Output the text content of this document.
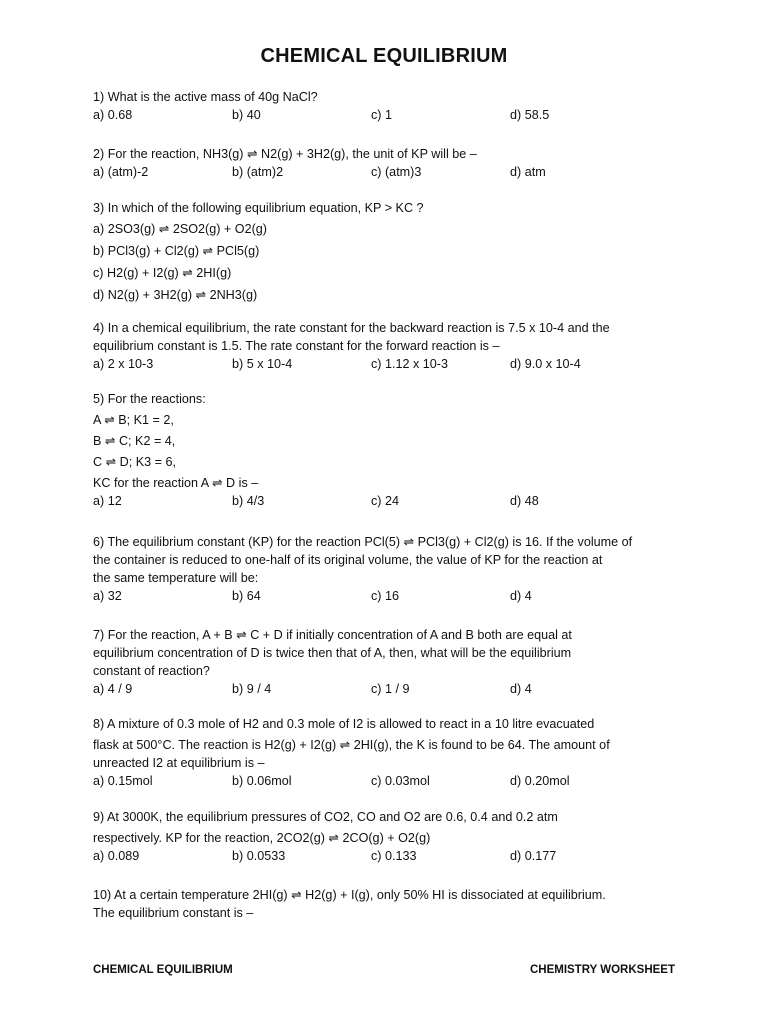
CHEMICAL EQUILIBRIUM
1) What is the active mass of 40g NaCl?
a) 0.68	b) 40	c) 1	d) 58.5
2) For the reaction, NH3(g) ⇌ N2(g) + 3H2(g), the unit of KP will be –
a) (atm)-2	b) (atm)2	c) (atm)3	d) atm
3) In which of the following equilibrium equation, KP > KC ?
a) 2SO3(g) ⇌ 2SO2(g) + O2(g)
b) PCl3(g) + Cl2(g) ⇌ PCl5(g)
c) H2(g) + I2(g) ⇌ 2HI(g)
d) N2(g) + 3H2(g) ⇌ 2NH3(g)
4) In a chemical equilibrium, the rate constant for the backward reaction is 7.5 x 10-4 and the
equilibrium constant is 1.5. The rate constant for the forward reaction is –
a) 2 x 10-3	b) 5 x 10-4	c) 1.12 x 10-3	d) 9.0 x 10-4
5) For the reactions:
A ⇌ B; K1 = 2,
B ⇌ C; K2 = 4,
C ⇌ D; K3 = 6,
KC for the reaction A ⇌ D is –
a) 12	b) 4/3	c) 24	d) 48
6) The equilibrium constant (KP) for the reaction PCl(5) ⇌ PCl3(g) + Cl2(g) is 16. If the volume of
the container is reduced to one-half of its original volume, the value of KP for the reaction at
the same temperature will be:
a) 32	b) 64	c) 16	d) 4
7) For the reaction, A + B ⇌ C + D if initially concentration of A and B both are equal at
equilibrium concentration of D is twice then that of A, then, what will be the equilibrium
constant of reaction?
a) 4 / 9	b) 9 / 4	c) 1 / 9	d) 4
8) A mixture of 0.3 mole of H2 and 0.3 mole of I2 is allowed to react in a 10 litre evacuated
flask at 500°C. The reaction is H2(g) + I2(g) ⇌ 2HI(g), the K is found to be 64. The amount of
unreacted I2 at equilibrium is –
a) 0.15mol	b) 0.06mol	c) 0.03mol	d) 0.20mol
9) At 3000K, the equilibrium pressures of CO2, CO and O2 are 0.6, 0.4 and 0.2 atm
respectively. KP for the reaction, 2CO2(g) ⇌ 2CO(g) + O2(g)
a) 0.089	b) 0.0533	c) 0.133	d) 0.177
10) At a certain temperature 2HI(g) ⇌ H2(g) + I(g), only 50% HI is dissociated at equilibrium.
The equilibrium constant is –
CHEMICAL EQUILIBRIUM	CHEMISTRY WORKSHEET
